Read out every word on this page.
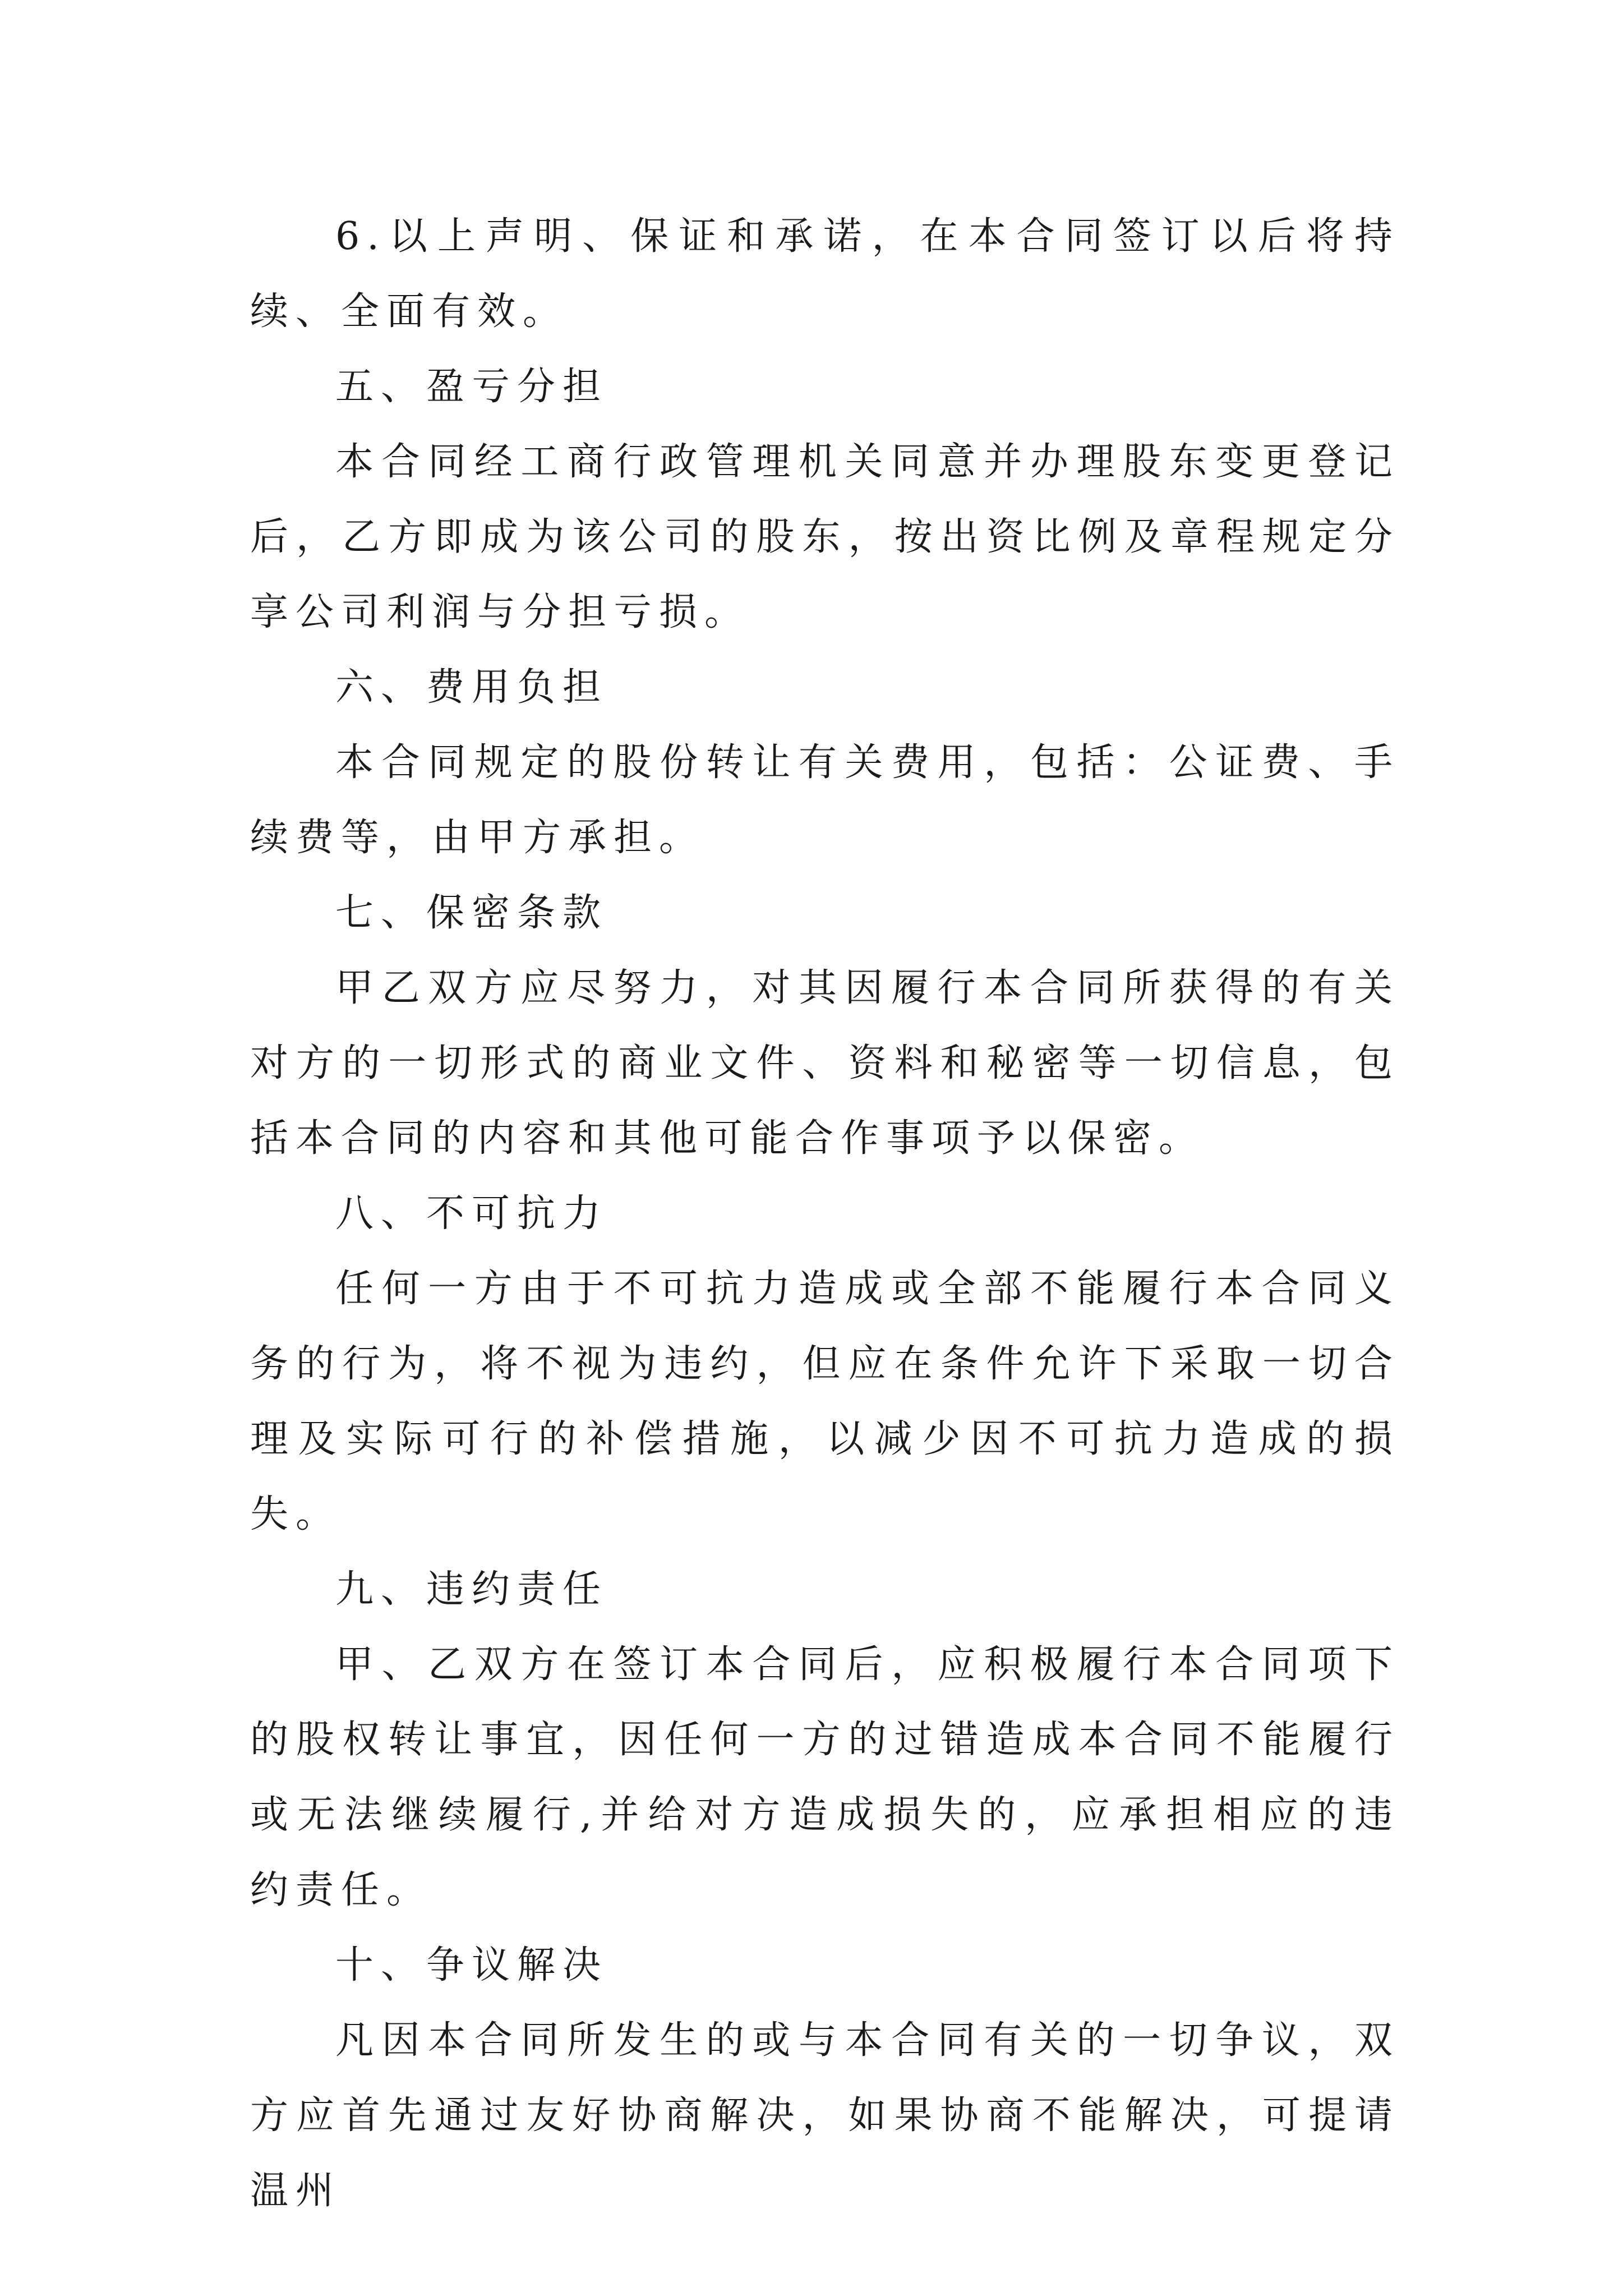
6.以上声明、保证和承诺，在本合同签订以后将持续、全面有效。

五、盈亏分担

本合同经工商行政管理机关同意并办理股东变更登记后，乙方即成为该公司的股东，按出资比例及章程规定分享公司利润与分担亏损。

六、费用负担

本合同规定的股份转让有关费用，包括：公证费、手续费等，由甲方承担。

七、保密条款

甲乙双方应尽努力，对其因履行本合同所获得的有关对方的一切形式的商业文件、资料和秘密等一切信息，包括本合同的内容和其他可能合作事项予以保密。

八、不可抗力

任何一方由于不可抗力造成或全部不能履行本合同义务的行为，将不视为违约，但应在条件允许下采取一切合理及实际可行的补偿措施，以减少因不可抗力造成的损失。

九、违约责任

甲、乙双方在签订本合同后，应积极履行本合同项下的股权转让事宜，因任何一方的过错造成本合同不能履行或无法继续履行,并给对方造成损失的，应承担相应的违约责任。

十、争议解决

凡因本合同所发生的或与本合同有关的一切争议，双方应首先通过友好协商解决，如果协商不能解决，可提请温州
